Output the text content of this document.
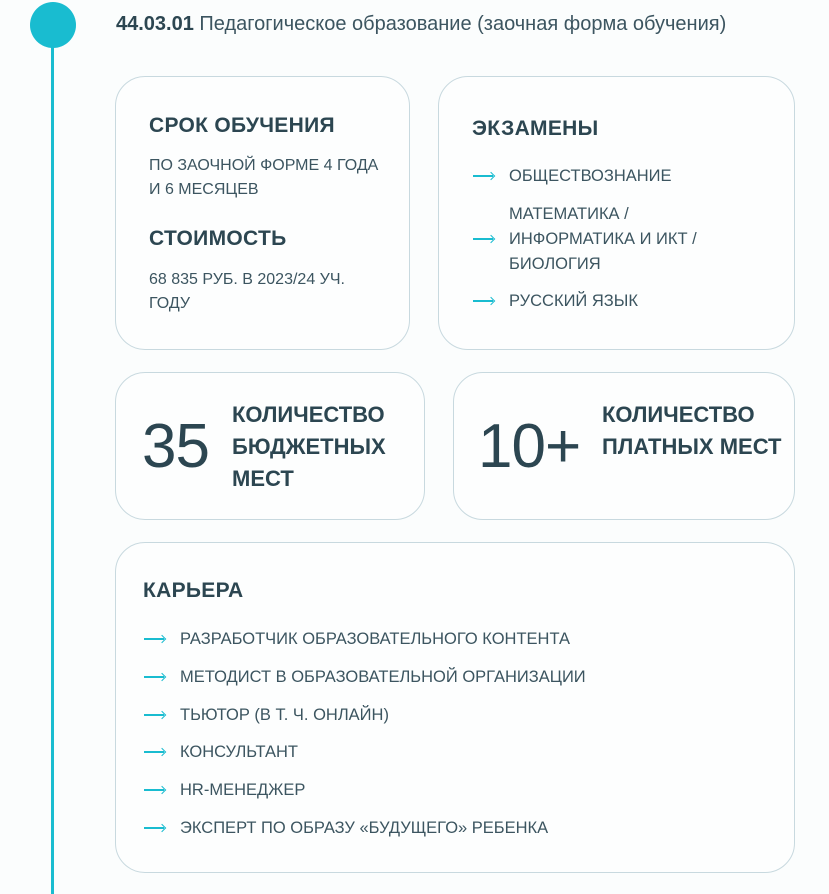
44.03.01 Педагогическое образование (заочная форма обучения)
СРОК ОБУЧЕНИЯ
ПО ЗАОЧНОЙ ФОРМЕ 4 ГОДА И 6 МЕСЯЦЕВ
СТОИМОСТЬ
68 835 РУБ. В 2023/24 УЧ. ГОДУ
ЭКЗАМЕНЫ
ОБЩЕСТВОЗНАНИЕ
МАТЕМАТИКА / ИНФОРМАТИКА И ИКТ / БИОЛОГИЯ
РУССКИЙ ЯЗЫК
35 КОЛИЧЕСТВО БЮДЖЕТНЫХ МЕСТ	10+ КОЛИЧЕСТВО ПЛАТНЫХ МЕСТ
КАРЬЕРА
РАЗРАБОТЧИК ОБРАЗОВАТЕЛЬНОГО КОНТЕНТА
МЕТОДИСТ В ОБРАЗОВАТЕЛЬНОЙ ОРГАНИЗАЦИИ
ТЬЮТОР (В Т. Ч. ОНЛАЙН)
КОНСУЛЬТАНТ
HR-МЕНЕДЖЕР
ЭКСПЕРТ ПО ОБРАЗУ «БУДУЩЕГО» РЕБЕНКА
